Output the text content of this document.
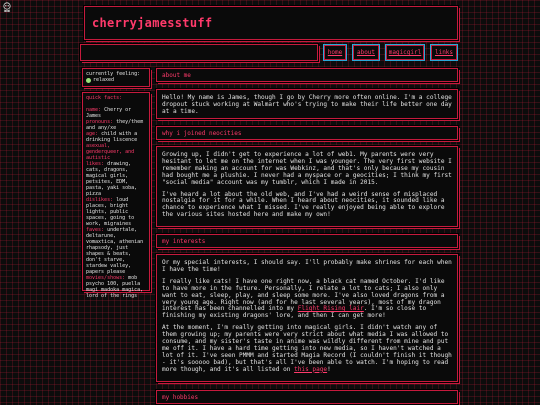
cherryjamesstuff
home	about	magicgirl	links
currently feeling:
relaxed
quick facts:
name: Cherry or James
pronouns: they/them and any/xe
age: child with a drinking liscence
asexual, genderqueer, and autistic
likes: drawing, cats, dragons, magical girls, petsites, EDM, pasta, yaki soba, pizza
dislikes: loud places, bright lights, public spaces, going to work, migraines
faves: undertale, deltarune, vomaxtica, athenian rhapsody, just shapes & beats, don't starve, stardew valley, papers please
movies/shows: mob psycho 100, puella magi madoka magica, lord of the rings
about me

Hello! My name is James, though I go by Cherry more often online. I'm a college dropout stuck working at Walmart who's trying to make their life better one day at a time.

why i joined neocities

Growing up, I didn't get to experience a lot of web1. My parents were very hesitant to let me on the internet when I was younger. The very first website I remember making an account for was Webkinz, and that's only because my cousin had bought me a plushie. I never had a myspace or a geocities; I think my first "social media" account was my tumblr, which I made in 2015.

I've heard a lot about the old web, and I've had a weird sense of misplaced nostalgia for it for a while. When I heard about neocities, it sounded like a chance to experience what I missed. I've really enjoyed being able to explore the various sites hosted here and make my own!

my interests

Or my special interests, I should say. I'll probably make shrines for each when I have the time!

I really like cats! I have one right now, a black cat named October. I'd like to have more in the future. Personally, I relate a lot to cats; I also only want to eat, sleep, play, and sleep some more. I've also loved dragons from a very young age. Right now (and for he last several years), most of my dragon interest has been channelled into my Flight Rising lair. I'm so close to finishing my existing dragons' lore, and then I can get more!

At the moment, I'm really getting into magical girls. I didn't watch any of them growing up; my parents were very strict about what media I was allowed to consume, and my sister's taste in anime was wildly different from mine and put me off it. I have a hard time getting into new media, so I haven't watched a lot of it. I've seen PMMM and started Magia Record (I couldn't finish it though - it's sooooo bad), but that's all I've been able to watch. I'm hoping to read more though, and it's all listed on this page!

my hobbies
